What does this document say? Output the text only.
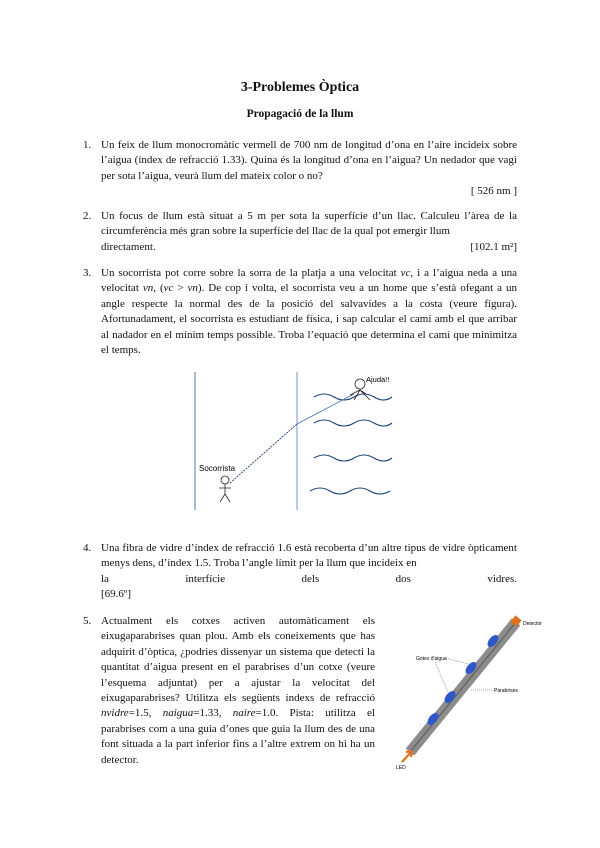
3-Problemes Òptica
Propagació de la llum
1. Un feix de llum monocromàtic vermell de 700 nm de longitud d’ona en l’aire incideix sobre l’aigua (índex de refracció 1.33). Quina és la longitud d’ona en l’aigua? Un nedador que vagi per sota l’aigua, veurà llum del mateix color o no?
[ 526 nm ]
2. Un focus de llum està situat a 5 m per sota la superfície d’un llac. Calculeu l’àrea de la circumferència més gran sobre la superfície del llac de la qual pot emergir llum
directament.	[102.1 m²]
3. Un socorrista pot corre sobre la sorra de la platja a una velocitat vc, i a l’aigua neda a una velocitat vn, (vc > vn). De cop i volta, el socorrista veu a un home que s’està ofegant a un angle respecte la normal des de la posició del salvavides a la costa (veure figura). Afortunadament, el socorrista es estudiant de física, i sap calcular el camí amb el que arribar al nadador en el mínim temps possible. Troba l’equació que determina el camí que minimitza el temps.
Ajuda!!
Socorrista
4. Una fibra de vidre d’índex de refracció 1.6 està recoberta d’un altre tipus de vidre òpticament menys dens, d’índex 1.5. Troba l’angle límit per la llum que incideix en
la	interfície	dels	dos	vidres.
[69.6º]
5. Actualment els cotxes activen automàticament els eixugaparabrises quan plou. Amb els coneixements que has adquirit d’òptica, ¿podries dissenyar un sistema que detecti la quantitat d’aigua present en el parabrises d’un cotxe (veure l’esquema adjuntat) per a ajustar la velocitat del eixugaparabrises? Utilitza els següents índexs de refracció nvidre=1.5, naigua=1.33, naire=1.0. Pista: utilitza el parabrises com a una guia d’ones que guia la llum des de una font situada a la part inferior fins a l’altre extrem on hi ha un detector.
Detector
LED
Gotes d'aigua
Parabrises
